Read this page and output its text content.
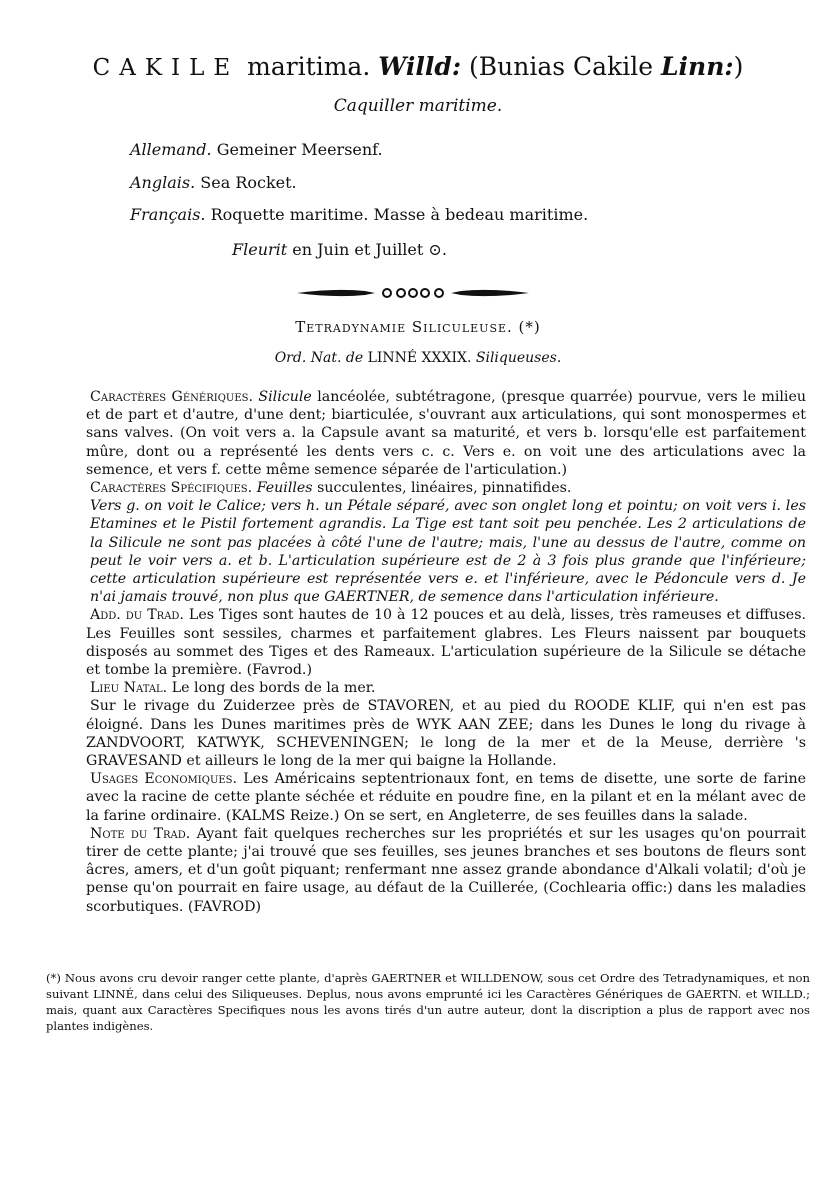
CAKILE maritima. Willd: (Bunias Cakile Linn:)
Caquiller maritime.
Allemand. Gemeiner Meersenf.
Anglais. Sea Rocket.
Français. Roquette maritime. Masse à bedeau maritime.
Fleurit en Juin et Juillet ⊙.
Tetradynamie Siliculeuse. (*)
Ord. Nat. de LINNÉ XXXIX. Siliqueuses.

Caractères Génériques. Silicule lancéolée, subtétragone, (presque quarrée) pourvue, vers le milieu et de part et d'autre, d'une dent; biarticulée, s'ouvrant aux articulations, qui sont monospermes et sans valves. (On voit vers a. la Capsule avant sa maturité, et vers b. lorsqu'elle est parfaitement mûre, dont ou a représenté les dents vers c. c. Vers e. on voit une des articulations avec la semence, et vers f. cette même semence séparée de l'articulation.)

Caractères Spécifiques. Feuilles succulentes, linéaires, pinnatifides.

Vers g. on voit le Calice; vers h. un Pétale séparé, avec son onglet long et pointu; on voit vers i. les Etamines et le Pistil fortement agrandis. La Tige est tant soit peu penchée. Les 2 articulations de la Silicule ne sont pas placées à côté l'une de l'autre; mais, l'une au dessus de l'autre, comme on peut le voir vers a. et b. L'articulation supérieure est de 2 à 3 fois plus grande que l'inférieure; cette articulation supérieure est représentée vers e. et l'inférieure, avec le Pédoncule vers d. Je n'ai jamais trouvé, non plus que GAERTNER, de semence dans l'articulation inférieure.

Add. du Trad. Les Tiges sont hautes de 10 à 12 pouces et au delà, lisses, très rameuses et diffuses. Les Feuilles sont sessiles, charmes et parfaitement glabres. Les Fleurs naissent par bouquets disposés au sommet des Tiges et des Rameaux. L'articulation supérieure de la Silicule se détache et tombe la première. (Favrod.)

Lieu Natal. Le long des bords de la mer.

Sur le rivage du Zuiderzee près de STAVOREN, et au pied du ROODE KLIF, qui n'en est pas éloigné. Dans les Dunes maritimes près de WYK AAN ZEE; dans les Dunes le long du rivage à ZANDVOORT, KATWYK, SCHEVENINGEN; le long de la mer et de la Meuse, derrière 's GRAVESAND et ailleurs le long de la mer qui baigne la Hollande.

Usages Economiques. Les Américains septentrionaux font, en tems de disette, une sorte de farine avec la racine de cette plante séchée et réduite en poudre fine, en la pilant et en la mélant avec de la farine ordinaire. (KALMS Reize.) On se sert, en Angleterre, de ses feuilles dans la salade.

Note du Trad. Ayant fait quelques recherches sur les propriétés et sur les usages qu'on pourrait tirer de cette plante; j'ai trouvé que ses feuilles, ses jeunes branches et ses boutons de fleurs sont âcres, amers, et d'un goût piquant; renfermant nne assez grande abondance d'Alkali volatil; d'où je pense qu'on pourrait en faire usage, au défaut de la Cuillerée, (Cochlearia offic:) dans les maladies scorbutiques. (FAVROD)

(*) Nous avons cru devoir ranger cette plante, d'après GAERTNER et WILLDENOW, sous cet Ordre des Tetradynamiques, et non suivant LINNÉ, dans celui des Siliqueuses. Deplus, nous avons emprunté ici les Caractères Génériques de GAERTN. et WILLD.; mais, quant aux Caractères Specifiques nous les avons tirés d'un autre auteur, dont la discription a plus de rapport avec nos plantes indigènes.
